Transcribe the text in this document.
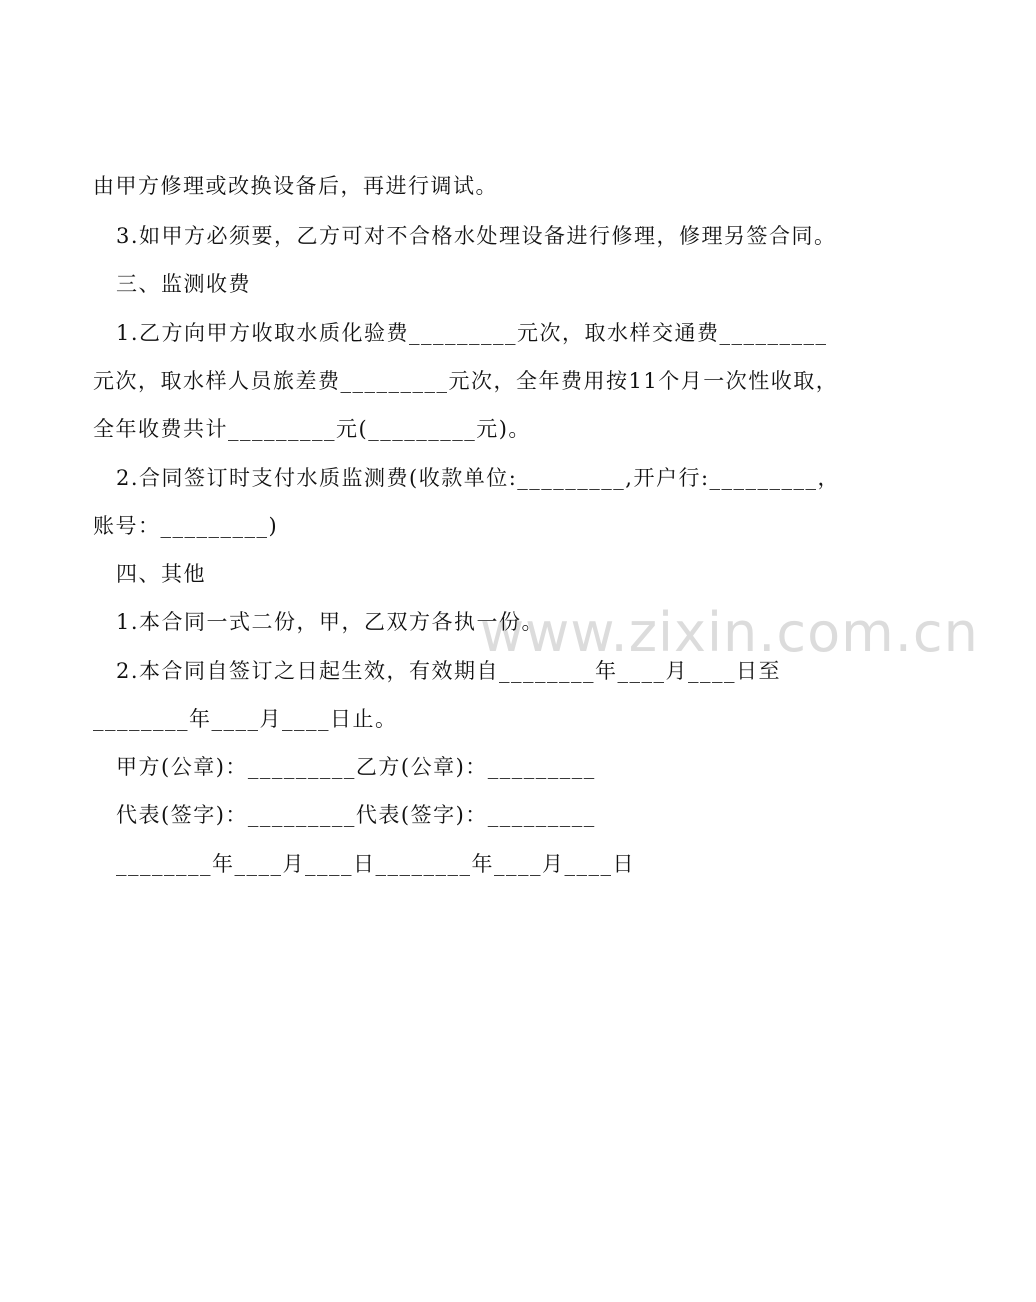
www.zixin.com.cn
由甲方修理或改换设备后，再进行调试。
3.如甲方必须要，乙方可对不合格水处理设备进行修理，修理另签合同。
三、监测收费
1.乙方向甲方收取水质化验费_________元次，取水样交通费_________
元次，取水样人员旅差费_________元次，全年费用按11个月一次性收取，
全年收费共计_________元(_________元)。
2.合同签订时支付水质监测费(收款单位:_________,开户行:_________，
账号：_________)
四、其他
1.本合同一式二份，甲，乙双方各执一份。
2.本合同自签订之日起生效，有效期自________年____月____日至
________年____月____日止。
甲方(公章)：_________乙方(公章)：_________
代表(签字)：_________代表(签字)：_________
________年____月____日________年____月____日
